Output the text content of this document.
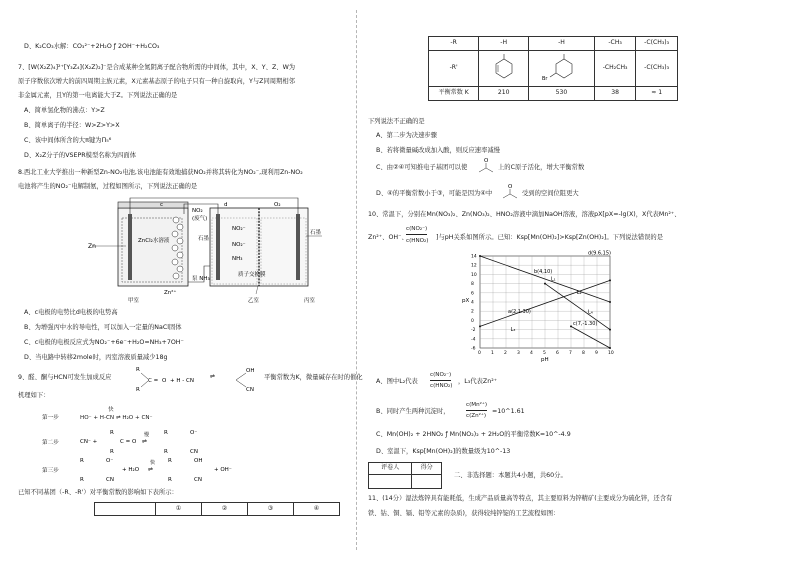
D、K₂CO₃水解：CO₃²⁻+2H₂O ƒ 2OH⁻+H₂CO₃
7、[W(X₂Z)₄]²⁺[Y₃Z₄](X₂Z)₂]⁻是合成某种全氮阴离子配合物所需的中间体，其中，X、Y、Z、W为
原子序数依次增大的前四周期主族元素，X元素基态原子的电子只有一种自旋取向，Y与Z同周期相邻
非金属元素，且Y的第一电离能大于Z。下列说法正确的是
A、简单氢化物的沸点：Y>Z
B、简单离子的半径：W>Z>Y>X
C、该中间体所含的大π键为Π₅⁶
D、X₂Z分子的VSEPR模型名称为四面体
8.西北工业大学推出一种新型Zn-NO₂电池,该电池能有效地捕获NO₂并将其转化为NO₂⁻,现利用Zn-NO₂
电池将产生的NO₂⁻电解制氨，过程如图所示，下列说法正确的是
Zn
NO₂
(废气)
ZnCl₂水溶液
c	d
石墨
石墨
O₂
NO₂⁻
NO₂⁻
泵 NH₃
NH₃
质子交换膜
Zn²⁺
甲室	乙室	丙室
A、c电极的电势比d电极的电势高
B、为增强丙中水的导电性，可以加入一定量的NaCl固体
C、c电极的电极反应式为NO₂⁻+6e⁻+H₂O=NH₃+7OH⁻
D、当电路中转移2mole时，丙室溶液质量减少18g
9、醛、酮与HCN可发生加成反应
R
R
C = O + H - CN
⇌
OH
CN
平衡常数为K，微量碱存在时的催化
机理如下：
第一步	HO⁻ + H-CN ⇌ H₂O + CN⁻
快
第二步	CN⁻ +
R
R
C = O
慢
⇌
R	O⁻
R	CN
第三步
R	O⁻
R	CN
+ H₂O
快
⇌
R	OH
R	CN
+ OH⁻
已知不同基团（-R、-R'）对平衡常数的影响如下表所示：
	①	②	③	④
-R	-H	-H	-CH₃	-C(CH₃)₃
-R'		Br	-CH₂CH₃	-C(CH₃)₃
平衡常数 K	210	530	38	≈ 1
下列说法不正确的是
A、第二步为决速步骤
B、若将微量碱改成加入酸，则反应速率减慢
C、由②④可知推电子基团可以使
O
上的C原子活化，增大平衡常数
D、④的平衡常数小于③，可能是因为④中
O
受到的空间位阻更大
10、常温下，分别在Mn(NO₃)₂、Zn(NO₃)₂、HNO₂溶液中滴加NaOH溶液，溶液pX[pX=-lg(X)，X代表Mn²⁺、
Zn²⁺、OH⁻、
c(NO₂⁻)
c(HNO₂) ]与pH关系如图所示。已知：Ksp[Mn(OH)₂]>Ksp[Zn(OH)₂]。下列说法错误的是
0 1 2 3 4 5 6 7 8 9 10
-6
-4
-2
0
2
4
6
8
10
12
14
b(4,10)
d(9.6,15)
a(2,1.30)
c(7,-1.30)
L₁
L₂
L₃
L₄
pX
pH
A、图中L₂代表
c(NO₂⁻)
c(HNO₂)
，L₃代表Zn²⁺
B、同时产生两种沉淀时，
c(Mn²⁺)
c(Zn²⁺)
=10^1.61
C、Mn(OH)₂ + 2HNO₂ ƒ Mn(NO₂)₂ + 2H₂O的平衡常数K=10^-4.9
D、室温下，Ksp[Mn(OH)₂]的数量级为10^-13
评卷人	得分

二、非选择题：本题共4小题，共60分。
11、(14分）湿法炼锌具有能耗低，生成产品质量高等特点，其主要原料为锌精矿(主要成分为硫化锌，还含有
铁、钴、铜、镉、铅等元素的杂质)，获得较纯锌锭的工艺流程如图：
